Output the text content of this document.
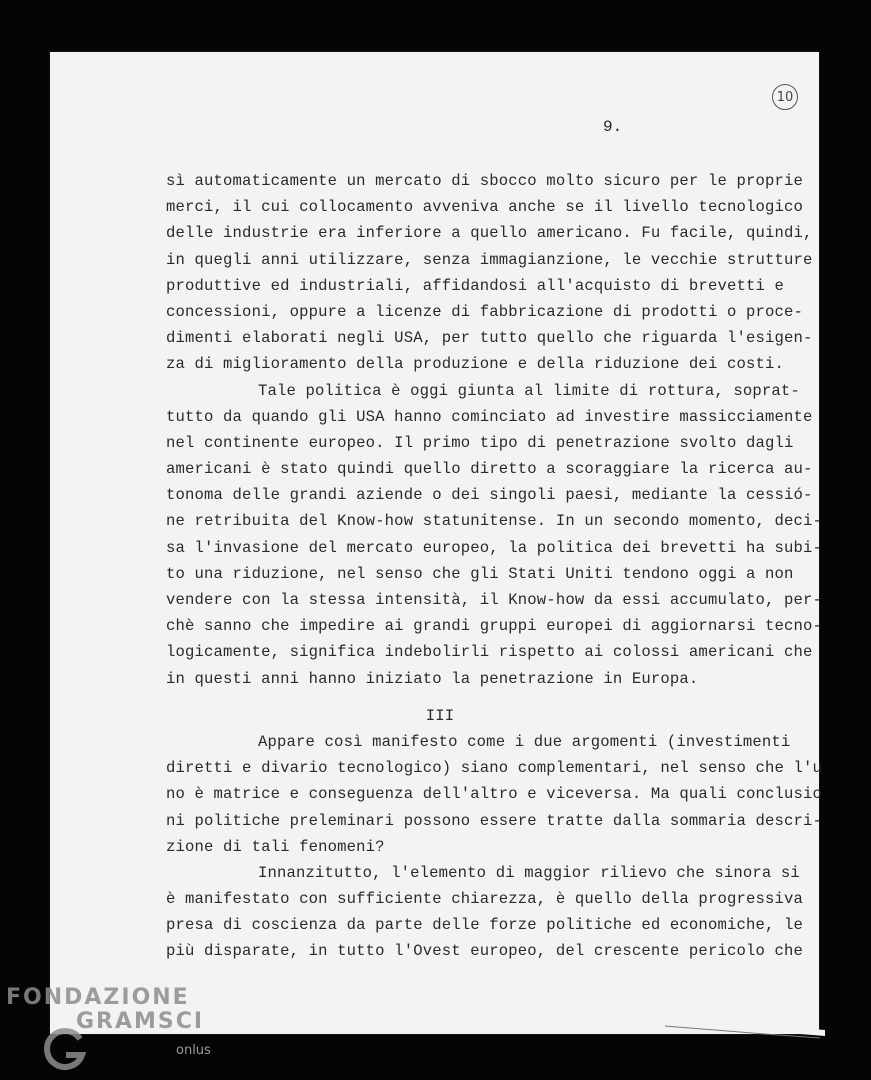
10
9.
sì automaticamente un mercato di sbocco molto sicuro per le proprie
merci, il cui collocamento avveniva anche se il livello tecnologico
delle industrie era inferiore a quello americano. Fu facile, quindi,
in quegli anni utilizzare, senza immagianzione, le vecchie strutture
produttive ed industriali, affidandosi all'acquisto di brevetti e
concessioni, oppure a licenze di fabbricazione di prodotti o proce-
dimenti elaborati negli USA, per tutto quello che riguarda l'esigen-
za di miglioramento della produzione e della riduzione dei costi.
Tale politica è oggi giunta al limite di rottura, soprat-
tutto da quando gli USA hanno cominciato ad investire massicciamente
nel continente europeo. Il primo tipo di penetrazione svolto dagli
americani è stato quindi quello diretto a scoraggiare la ricerca au-
tonoma delle grandi aziende o dei singoli paesi, mediante la cessió-
ne retribuita del Know-how statunitense. In un secondo momento, deci-
sa l'invasione del mercato europeo, la politica dei brevetti ha subi-
to una riduzione, nel senso che gli Stati Uniti tendono oggi a non
vendere con la stessa intensità, il Know-how da essi accumulato, per-
chè sanno che impedire ai grandi gruppi europei di aggiornarsi tecno-
logicamente, significa indebolirli rispetto ai colossi americani che
in questi anni hanno iniziato la penetrazione in Europa.
III
Appare così manifesto come i due argomenti (investimenti
diretti e divario tecnologico) siano complementari, nel senso che l'u
no è matrice e conseguenza dell'altro e viceversa. Ma quali conclusio
ni politiche preleminari possono essere tratte dalla sommaria descri-
zione di tali fenomeni?
Innanzitutto, l'elemento di maggior rilievo che sinora si
è manifestato con sufficiente chiarezza, è quello della progressiva
presa di coscienza da parte delle forze politiche ed economiche, le
più disparate, in tutto l'Ovest europeo, del crescente pericolo che
FONDAZIONE
GRAMSCI
onlus
